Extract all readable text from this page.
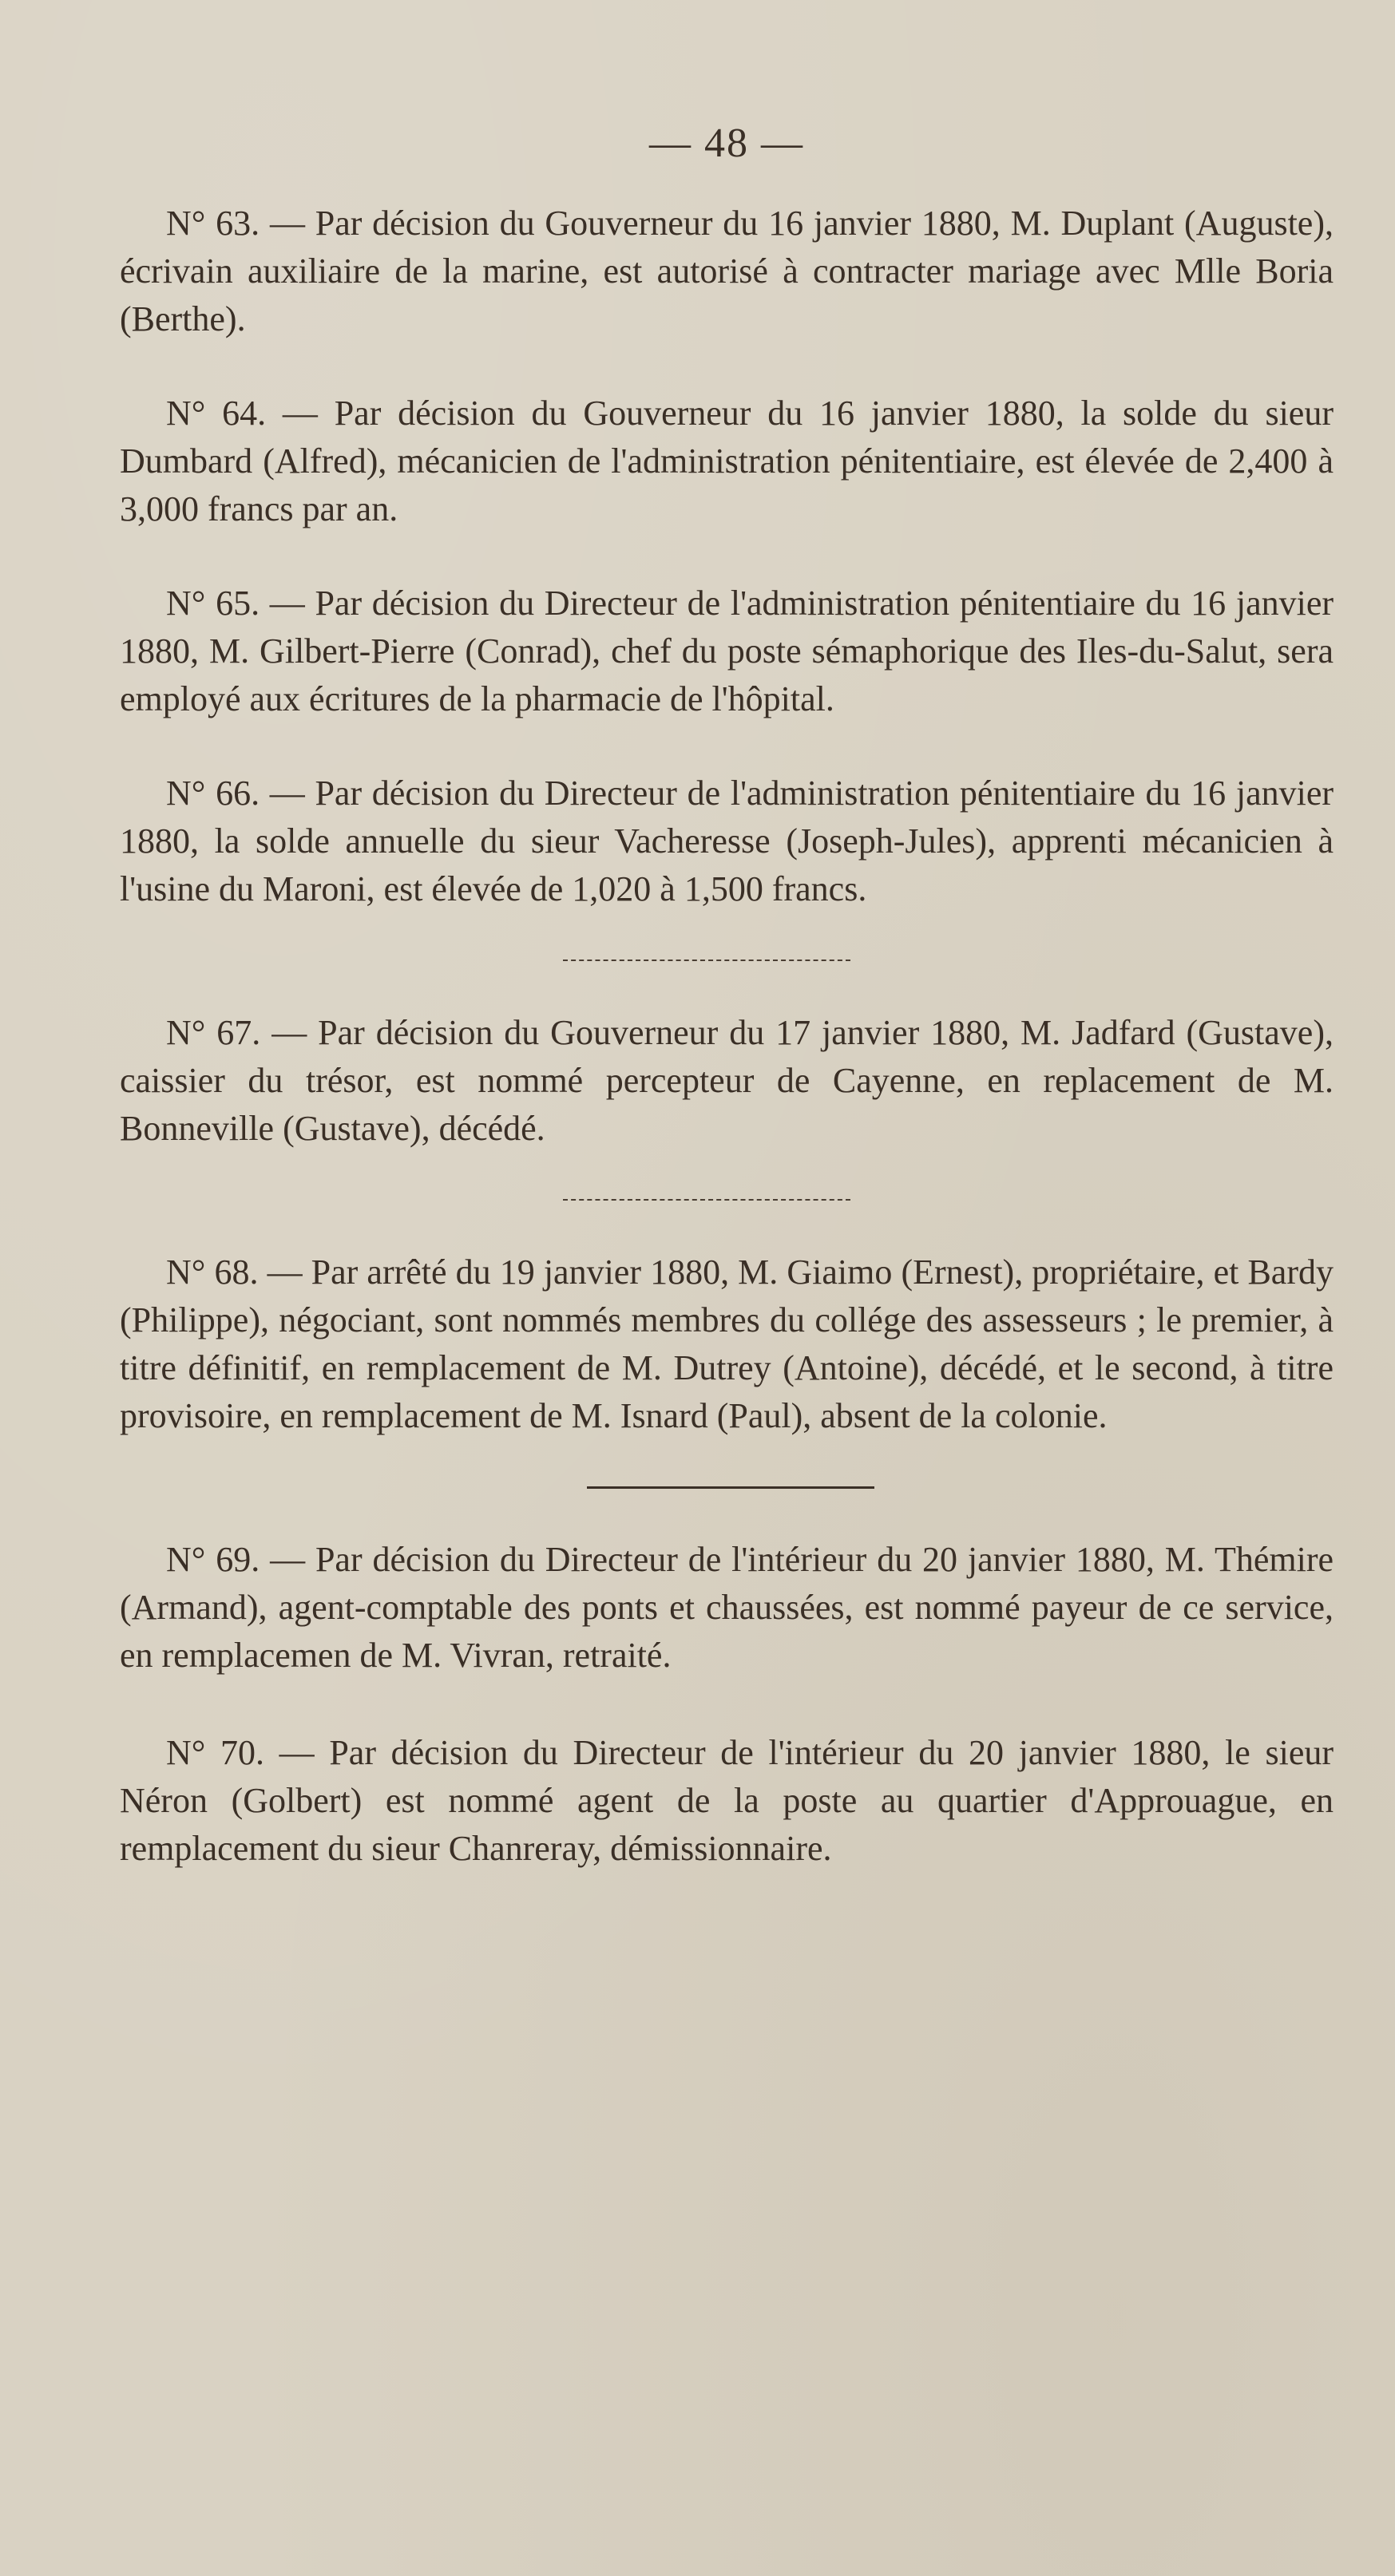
— 48 —

N° 63. — Par décision du Gouverneur du 16 janvier 1880, M. Duplant (Auguste), écrivain auxiliaire de la marine, est autorisé à contracter mariage avec Mlle Boria (Berthe).

N° 64. — Par décision du Gouverneur du 16 janvier 1880, la solde du sieur Dumbard (Alfred), mécanicien de l'administration pénitentiaire, est élevée de 2,400 à 3,000 francs par an.

N° 65. — Par décision du Directeur de l'administration pénitentiaire du 16 janvier 1880, M. Gilbert-Pierre (Conrad), chef du poste sémaphorique des Iles-du-Salut, sera employé aux écritures de la pharmacie de l'hôpital.

N° 66. — Par décision du Directeur de l'administration pénitentiaire du 16 janvier 1880, la solde annuelle du sieur Vacheresse (Joseph-Jules), apprenti mécanicien à l'usine du Maroni, est élevée de 1,020 à 1,500 francs.

N° 67. — Par décision du Gouverneur du 17 janvier 1880, M. Jadfard (Gustave), caissier du trésor, est nommé percepteur de Cayenne, en replacement de M. Bonneville (Gustave), décédé.

N° 68. — Par arrêté du 19 janvier 1880, M. Giaimo (Ernest), propriétaire, et Bardy (Philippe), négociant, sont nommés membres du collége des assesseurs ; le premier, à titre définitif, en remplacement de M. Dutrey (Antoine), décédé, et le second, à titre provisoire, en remplacement de M. Isnard (Paul), absent de la colonie.

N° 69. — Par décision du Directeur de l'intérieur du 20 janvier 1880, M. Thémire (Armand), agent-comptable des ponts et chaussées, est nommé payeur de ce service, en remplacemen de M. Vivran, retraité.

N° 70. — Par décision du Directeur de l'intérieur du 20 janvier 1880, le sieur Néron (Golbert) est nommé agent de la poste au quartier d'Approuague, en remplacement du sieur Chanreray, démissionnaire.
